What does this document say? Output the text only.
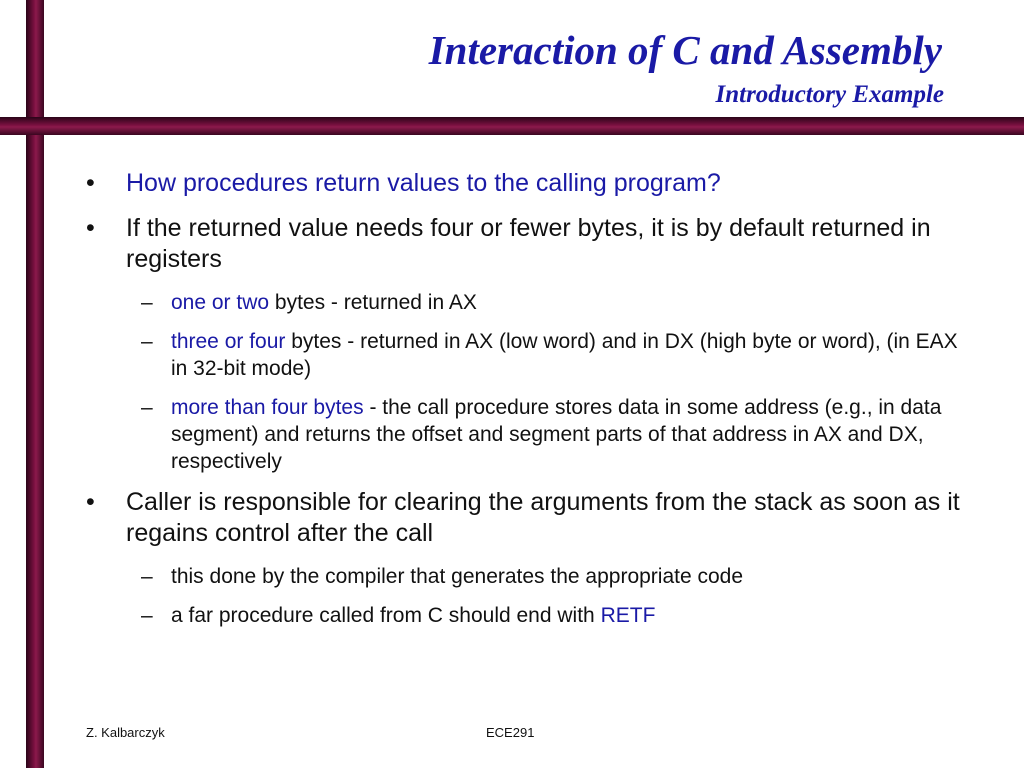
Interaction of C and Assembly
Introductory Example
• How procedures return values to the calling program?
• If the returned value needs four or fewer bytes, it is by default returned in registers
– one or two bytes - returned in AX
– three or four bytes - returned in AX (low word) and in DX (high byte or word), (in EAX in 32-bit mode)
– more than four bytes - the call procedure stores data in some address (e.g., in data segment) and returns the offset and segment parts of that address in AX and DX, respectively
• Caller is responsible for clearing the arguments from the stack as soon as it regains control after the call
– this done by the compiler that generates the appropriate code
– a far procedure called from C should end with RETF
Z. Kalbarczyk	ECE291
